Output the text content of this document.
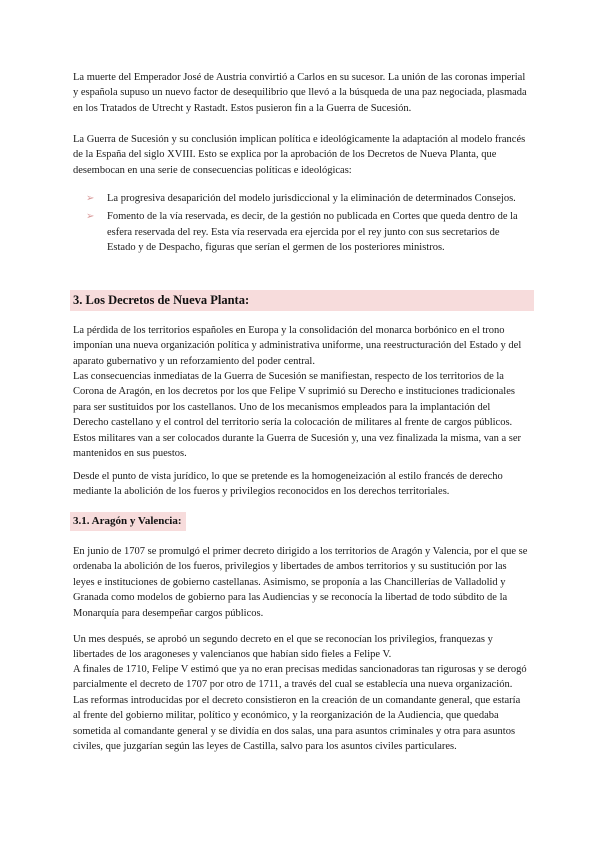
La muerte del Emperador José de Austria convirtió a Carlos en su sucesor. La unión de las coronas imperial y española supuso un nuevo factor de desequilibrio que llevó a la búsqueda de una paz negociada, plasmada en los Tratados de Utrecht y Rastadt. Estos pusieron fin a la Guerra de Sucesión.

La Guerra de Sucesión y su conclusión implican política e ideológicamente la adaptación al modelo francés de la España del siglo XVIII. Esto se explica por la aprobación de los Decretos de Nueva Planta, que desembocan en una serie de consecuencias políticas e ideológicas:

➢ La progresiva desaparición del modelo jurisdiccional y la eliminación de determinados Consejos.
➢ Fomento de la vía reservada, es decir, de la gestión no publicada en Cortes que queda dentro de la esfera reservada del rey. Esta vía reservada era ejercida por el rey junto con sus secretarios de Estado y de Despacho, figuras que serían el germen de los posteriores ministros.
3. Los Decretos de Nueva Planta:

La pérdida de los territorios españoles en Europa y la consolidación del monarca borbónico en el trono imponían una nueva organización política y administrativa uniforme, una reestructuración del Estado y del aparato gubernativo y un reforzamiento del poder central.

Las consecuencias inmediatas de la Guerra de Sucesión se manifiestan, respecto de los territorios de la Corona de Aragón, en los decretos por los que Felipe V suprimió su Derecho e instituciones tradicionales para ser sustituidos por los castellanos. Uno de los mecanismos empleados para la implantación del Derecho castellano y el control del territorio sería la colocación de militares al frente de cargos públicos. Estos militares van a ser colocados durante la Guerra de Sucesión y, una vez finalizada la misma, van a ser mantenidos en sus puestos.

Desde el punto de vista jurídico, lo que se pretende es la homogeneización al estilo francés de derecho mediante la abolición de los fueros y privilegios reconocidos en los derechos territoriales.

3.1. Aragón y Valencia:

En junio de 1707 se promulgó el primer decreto dirigido a los territorios de Aragón y Valencia, por el que se ordenaba la abolición de los fueros, privilegios y libertades de ambos territorios y su sustitución por las leyes e instituciones de gobierno castellanas. Asimismo, se proponía a las Chancillerías de Valladolid y Granada como modelos de gobierno para las Audiencias y se reconocía la libertad de todo súbdito de la Monarquía para desempeñar cargos públicos.

Un mes después, se aprobó un segundo decreto en el que se reconocían los privilegios, franquezas y libertades de los aragoneses y valencianos que habían sido fieles a Felipe V.

A finales de 1710, Felipe V estimó que ya no eran precisas medidas sancionadoras tan rigurosas y se derogó parcialmente el decreto de 1707 por otro de 1711, a través del cual se establecía una nueva organización. Las reformas introducidas por el decreto consistieron en la creación de un comandante general, que estaría al frente del gobierno militar, político y económico, y la reorganización de la Audiencia, que quedaba sometida al comandante general y se dividía en dos salas, una para asuntos criminales y otra para asuntos civiles, que juzgarían según las leyes de Castilla, salvo para los asuntos civiles particulares.
